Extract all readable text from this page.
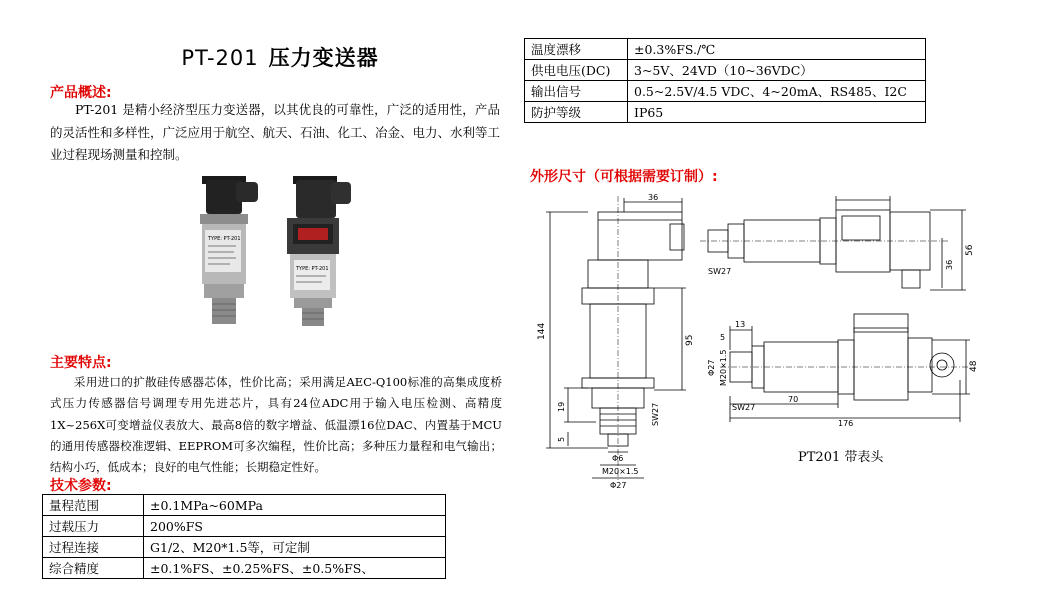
PT-201 压力变送器
产品概述:
PT-201 是精小经济型压力变送器，以其优良的可靠性，广泛的适用性，产品的灵活性和多样性，广泛应用于航空、航天、石油、化工、冶金、电力、水利等工业过程现场测量和控制。
TYPE: PT-201
TYPE: PT-201
主要特点:
采用进口的扩散硅传感器芯体，性价比高；采用满足AEC-Q100标准的高集成度桥式压力传感器信号调理专用先进芯片，具有24位ADC用于输入电压检测、高精度1X~256X可变增益仪表放大、最高8倍的数字增益、低温漂16位DAC、内置基于MCU的通用传感器校准逻辑、EEPROM可多次编程，性价比高；多种压力量程和电气输出；结构小巧，低成本；良好的电气性能；长期稳定性好。
技术参数:
量程范围	±0.1MPa~60MPa
过载压力	200%FS
过程连接	G1/2、M20*1.5等，可定制
综合精度	±0.1%FS、±0.25%FS、±0.5%FS、
温度漂移	±0.3%FS./℃
供电电压(DC)	3~5V、24VD（10~36VDC）
输出信号	0.5~2.5V/4.5 VDC、4~20mA、RS485、I2C
防护等级	IP65
外形尺寸（可根据需要订制）:
36
144
95
19
5
SW27
Φ6
M20×1.5
Φ27
SW27
56
36
13
M20×1.5
Φ27
5
SW27
70
176
48
PT201 带表头
